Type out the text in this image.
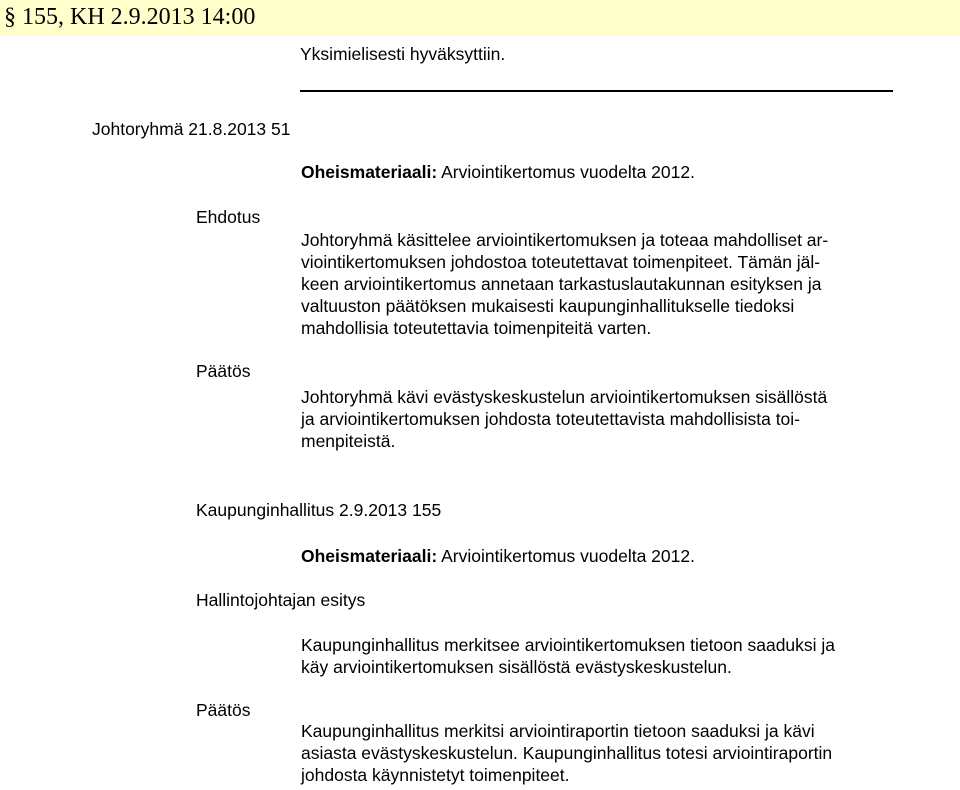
§ 155, KH 2.9.2013 14:00
Yksimielisesti hyväksyttiin.
Johtoryhmä 21.8.2013 51
Oheismateriaali: Arviointikertomus vuodelta 2012.
Ehdotus
Johtoryhmä käsittelee arviointikertomuksen ja toteaa mahdolliset ar-
viointikertomuksen johdostoa toteutettavat toimenpiteet. Tämän jäl-
keen arviointikertomus annetaan tarkastuslautakunnan esityksen ja
valtuuston päätöksen mukaisesti kaupunginhallitukselle tiedoksi
mahdollisia toteutettavia toimenpiteitä varten.
Päätös
Johtoryhmä kävi evästyskeskustelun arviointikertomuksen sisällöstä
ja arviointikertomuksen johdosta toteutettavista mahdollisista toi-
menpiteistä.
Kaupunginhallitus 2.9.2013 155
Oheismateriaali: Arviointikertomus vuodelta 2012.
Hallintojohtajan esitys
Kaupunginhallitus merkitsee arviointikertomuksen tietoon saaduksi ja
käy arviointikertomuksen sisällöstä evästyskeskustelun.
Päätös
Kaupunginhallitus merkitsi arviointiraportin tietoon saaduksi ja kävi
asiasta evästyskeskustelun. Kaupunginhallitus totesi arviointiraportin
johdosta käynnistetyt toimenpiteet.
